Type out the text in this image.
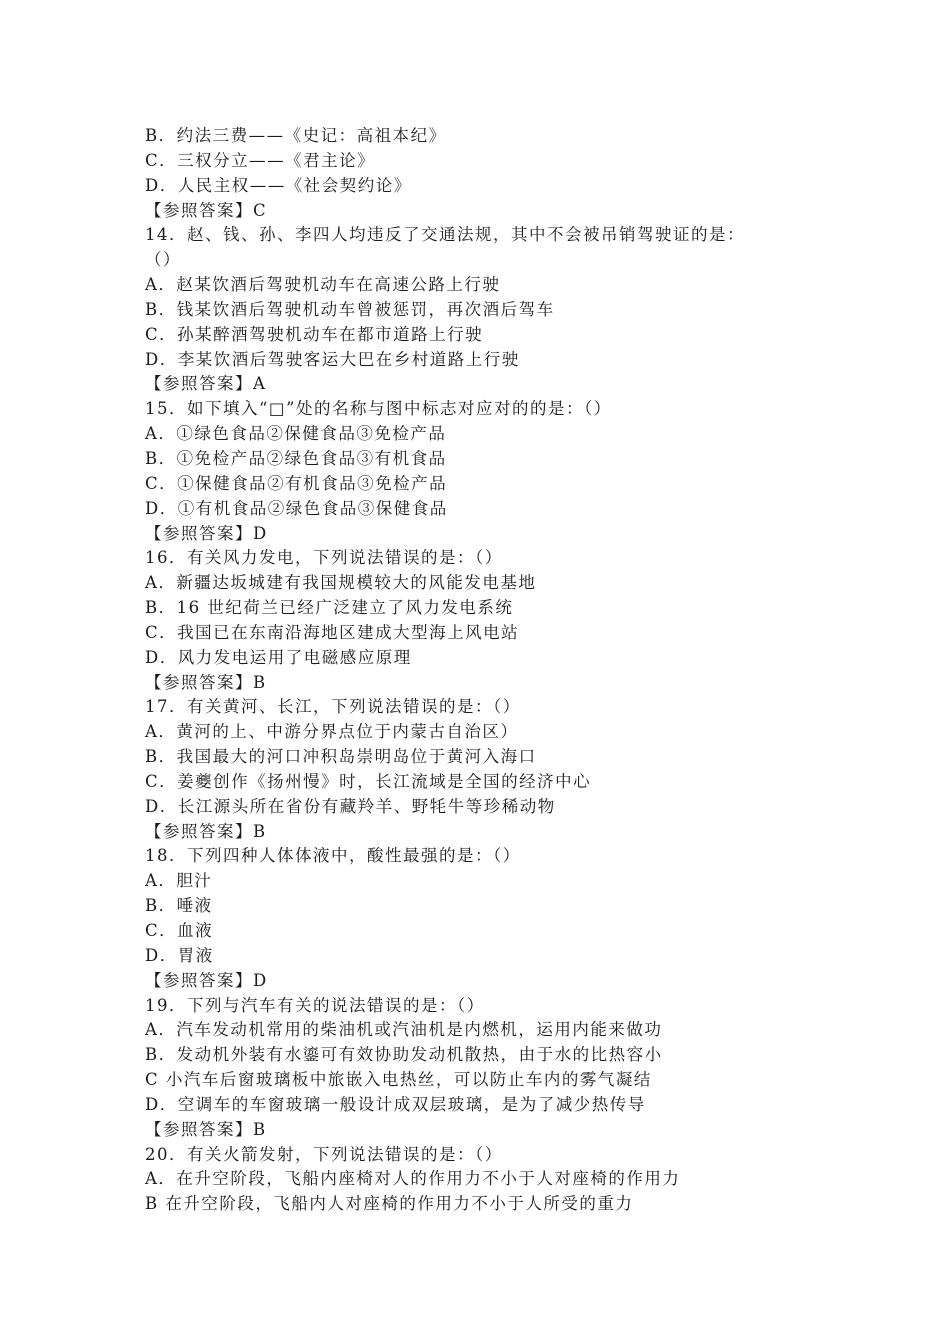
B．约法三费——《史记：高祖本纪》
C．三权分立——《君主论》
D．人民主权——《社会契约论》
【参照答案】C
14．赵、钱、孙、李四人均违反了交通法规，其中不会被吊销驾驶证的是：
（）
A．赵某饮酒后驾驶机动车在高速公路上行驶
B．钱某饮酒后驾驶机动车曾被惩罚，再次酒后驾车
C．孙某醉酒驾驶机动车在都市道路上行驶
D．李某饮酒后驾驶客运大巴在乡村道路上行驶
【参照答案】A
15．如下填入“□”处的名称与图中标志对应对的的是：（）
A．①绿色食品②保健食品③免检产品
B．①免检产品②绿色食品③有机食品
C．①保健食品②有机食品③免检产品
D．①有机食品②绿色食品③保健食品
【参照答案】D
16．有关风力发电，下列说法错误的是：（）
A．新疆达坂城建有我国规模较大的风能发电基地
B．16 世纪荷兰已经广泛建立了风力发电系统
C．我国已在东南沿海地区建成大型海上风电站
D．风力发电运用了电磁感应原理
【参照答案】B
17．有关黄河、长江，下列说法错误的是：（）
A．黄河的上、中游分界点位于内蒙古自治区）
B．我国最大的河口冲积岛崇明岛位于黄河入海口
C．姜夔创作《扬州慢》时，长江流域是全国的经济中心
D．长江源头所在省份有藏羚羊、野牦牛等珍稀动物
【参照答案】B
18．下列四种人体体液中，酸性最强的是：（）
A．胆汁
B．唾液
C．血液
D．胃液
【参照答案】D
19．下列与汽车有关的说法错误的是：（）
A．汽车发动机常用的柴油机或汽油机是内燃机，运用内能来做功
B．发动机外装有水鎏可有效协助发动机散热，由于水的比热容小
C 小汽车后窗玻璃板中旅嵌入电热丝，可以防止车内的雾气凝结
D．空调车的车窗玻璃一般设计成双层玻璃，是为了减少热传导
【参照答案】B
20．有关火箭发射，下列说法错误的是：（）
A．在升空阶段，飞船内座椅对人的作用力不小于人对座椅的作用力
B 在升空阶段，飞船内人对座椅的作用力不小于人所受的重力
